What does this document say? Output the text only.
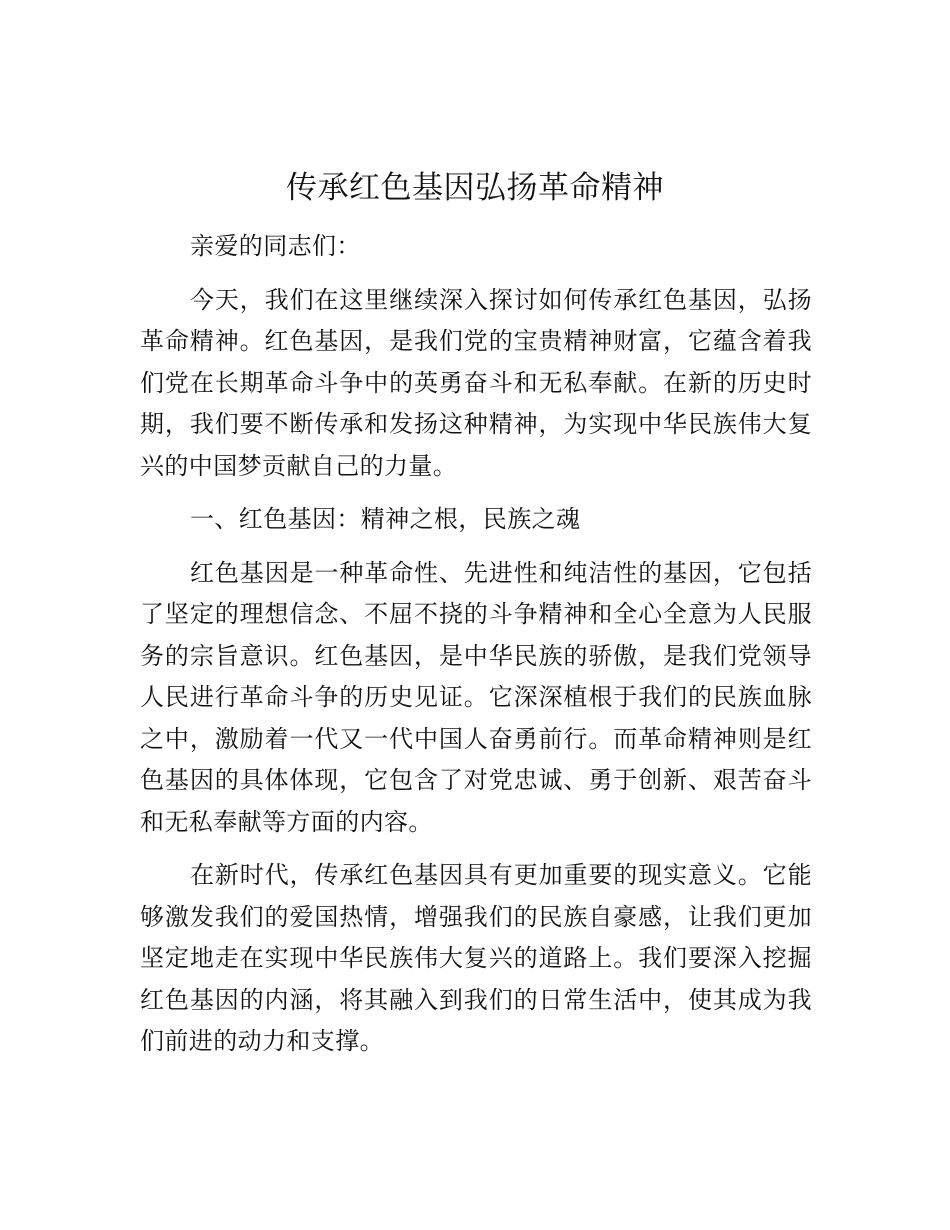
传承红色基因弘扬革命精神

亲爱的同志们：

今天，我们在这里继续深入探讨如何传承红色基因，弘扬革命精神。红色基因，是我们党的宝贵精神财富，它蕴含着我们党在长期革命斗争中的英勇奋斗和无私奉献。在新的历史时期，我们要不断传承和发扬这种精神，为实现中华民族伟大复兴的中国梦贡献自己的力量。

一、红色基因：精神之根，民族之魂

红色基因是一种革命性、先进性和纯洁性的基因，它包括了坚定的理想信念、不屈不挠的斗争精神和全心全意为人民服务的宗旨意识。红色基因，是中华民族的骄傲，是我们党领导人民进行革命斗争的历史见证。它深深植根于我们的民族血脉之中，激励着一代又一代中国人奋勇前行。而革命精神则是红色基因的具体体现，它包含了对党忠诚、勇于创新、艰苦奋斗和无私奉献等方面的内容。

在新时代，传承红色基因具有更加重要的现实意义。它能够激发我们的爱国热情，增强我们的民族自豪感，让我们更加坚定地走在实现中华民族伟大复兴的道路上。我们要深入挖掘红色基因的内涵，将其融入到我们的日常生活中，使其成为我们前进的动力和支撑。
